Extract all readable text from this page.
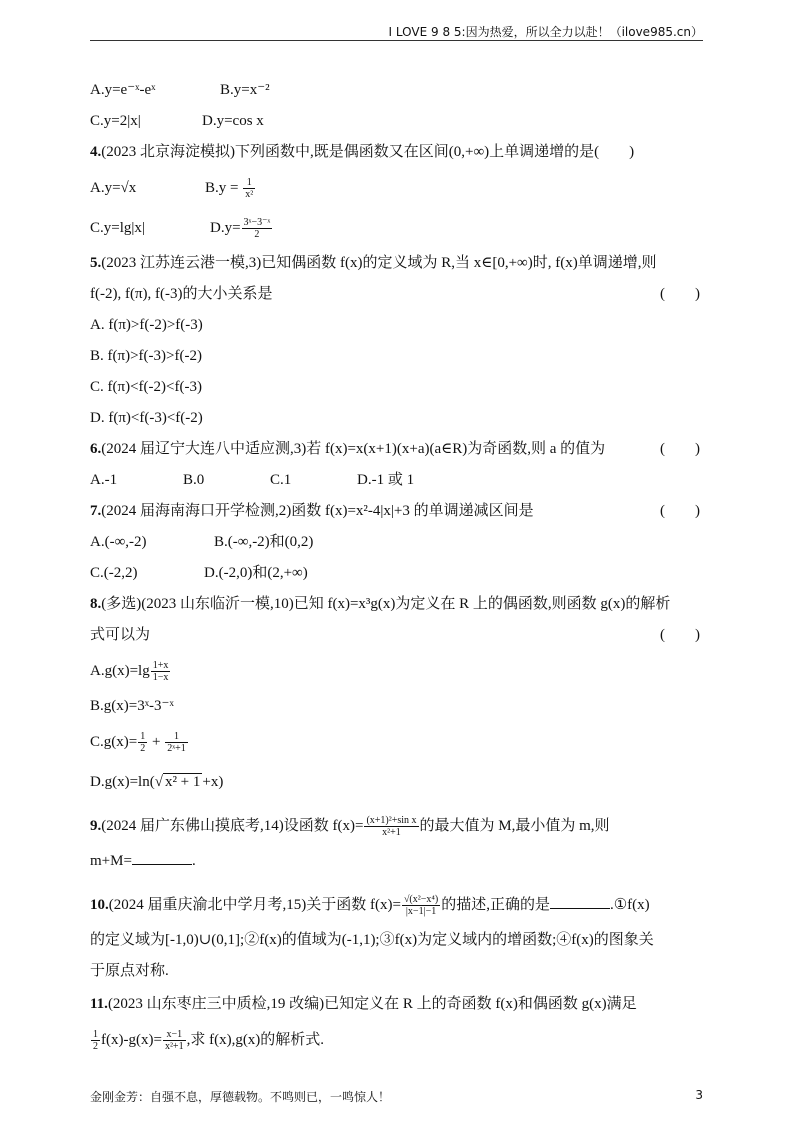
I LOVE 9 8 5:因为热爱，所以全力以赴！（ilove985.cn）
A.y=e⁻ˣ-eˣ	B.y=x⁻²
C.y=2|x|	D.y=cos x
4.(2023 北京海淀模拟)下列函数中,既是偶函数又在区间(0,+∞)上单调递增的是(　　)
A.y=√x	$B.y = \frac{1}{\text{x²}}$
C.y=lg|x|	$D.y= \frac{\text{3ˣ−3⁻ˣ}}{2}$
5.(2023 江苏连云港一模,3)已知偶函数 f(x)的定义域为 R,当 x∈[0,+∞)时, f(x)单调递增,则
f(-2), f(π), f(-3)的大小关系是	(　　)
A. f(π)>f(-2)>f(-3)
B. f(π)>f(-3)>f(-2)
C. f(π)<f(-2)<f(-3)
D. f(π)<f(-3)<f(-2)
6.(2024 届辽宁大连八中适应测,3)若 f(x)=x(x+1)(x+a)(a∈R)为奇函数,则 a 的值为	(　　)
A.-1	B.0	C.1	D.-1 或 1
7.(2024 届海南海口开学检测,2)函数 f(x)=x²-4|x|+3 的单调递减区间是	(　　)
A.(-∞,-2)	B.(-∞,-2)和(0,2)
C.(-2,2)	D.(-2,0)和(2,+∞)
8.(多选)(2023 山东临沂一模,10)已知 f(x)=x³g(x)为定义在 R 上的偶函数,则函数 g(x)的解析
式可以为	(　　)
$A.g(x)=\lg \frac{1+x}{1-x}$
B.g(x)=3ˣ-3⁻ˣ
$C.g(x)= \frac{1}{2} + \frac{1}{\text{2ˣ+1}}$
D.g(x)=ln(√ x² + 1 +x)
9.(2024 届广东佛山摸底考,14)设函数 $f(x)= \frac{\text{(x+1)²+sin x}}{\text{x²+1}}$ 的最大值为 M,最小值为 m,则
m+M=	.
10.(2024 届重庆渝北中学月考,15)关于函数 $f(x)= \frac{\text{√(x²−x⁴)}}{|x-1|-1}$ 的描述,正确的是	.①f(x)
的定义域为[-1,0)∪(0,1];②f(x)的值域为(-1,1);③f(x)为定义域内的增函数;④f(x)的图象关
于原点对称.
11.(2023 山东枣庄三中质检,19 改编)已知定义在 R 上的奇函数 f(x)和偶函数 g(x)满足
$\frac{1}{2} f(x)-g(x)= \frac{x-1}{\text{x²+1}}$ ,求 f(x),g(x)的解析式.
金刚金芳：自强不息，厚德载物。不鸣则已，一鸣惊人！	3
